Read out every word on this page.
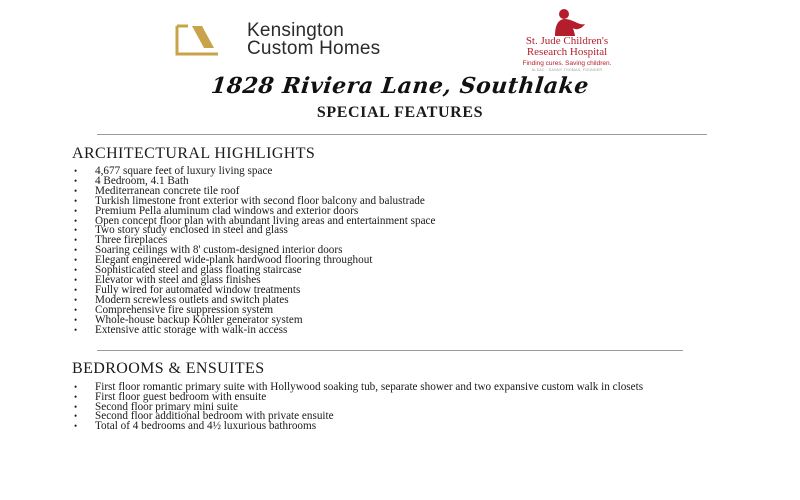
Kensington
Custom Homes	St. Jude Children's
Research Hospital
Finding cures. Saving children.
ALSAC · DANNY THOMAS, FOUNDER
1828 Riviera Lane, Southlake
SPECIAL FEATURES
ARCHITECTURAL HIGHLIGHTS
• 4,677 square feet of luxury living space
• 4 Bedroom, 4.1 Bath
• Mediterranean concrete tile roof
• Turkish limestone front exterior with second floor balcony and balustrade
• Premium Pella aluminum clad windows and exterior doors
• Open concept floor plan with abundant living areas and entertainment space
• Two story study enclosed in steel and glass
• Three fireplaces
• Soaring ceilings with 8' custom-designed interior doors
• Elegant engineered wide-plank hardwood flooring throughout
• Sophisticated steel and glass floating staircase
• Elevator with steel and glass finishes
• Fully wired for automated window treatments
• Modern screwless outlets and switch plates
• Comprehensive fire suppression system
• Whole-house backup Kohler generator system
• Extensive attic storage with walk-in access
BEDROOMS & ENSUITES
• First floor romantic primary suite with Hollywood soaking tub, separate shower and two expansive custom walk in closets
• First floor guest bedroom with ensuite
• Second floor primary mini suite
• Second floor additional bedroom with private ensuite
• Total of 4 bedrooms and 4½ luxurious bathrooms
